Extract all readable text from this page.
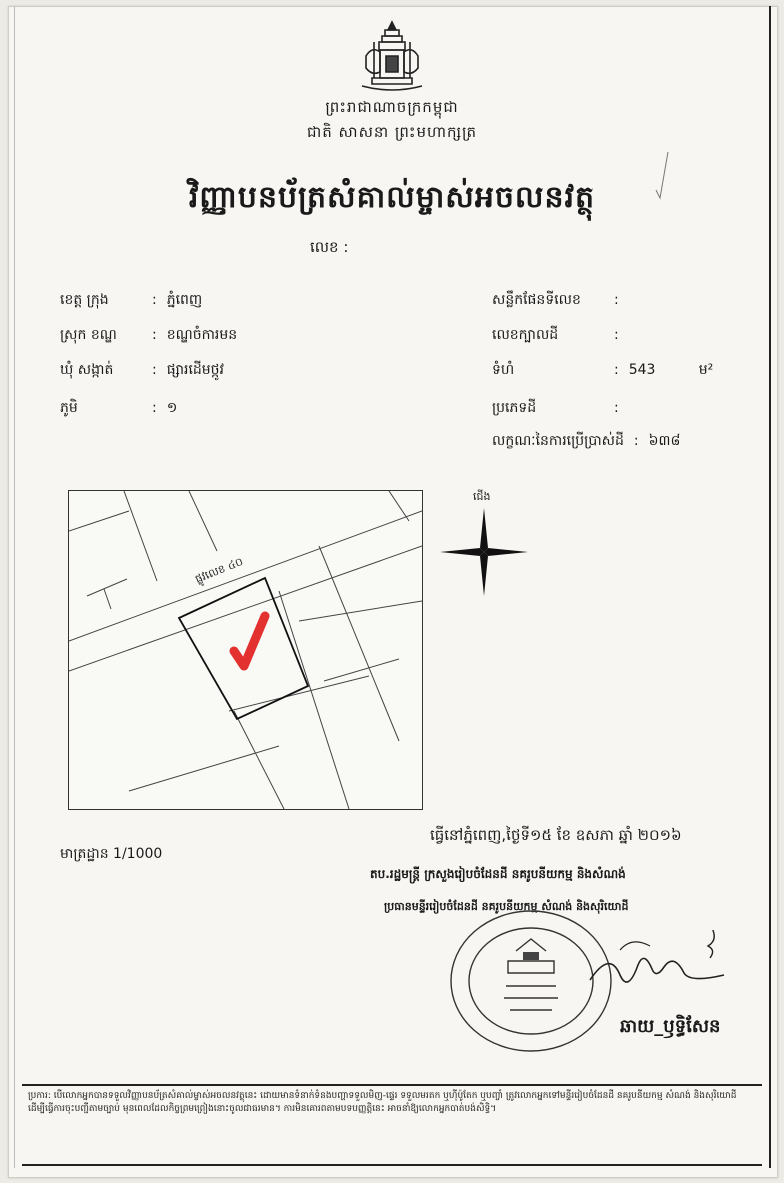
ព្រះរាជាណាចក្រកម្ពុជា
ជាតិ សាសនា ព្រះមហាក្សត្រ
វិញ្ញាបនប័ត្រសំគាល់ម្ចាស់អចលនវត្ថុ
លេខ :
ខេត្ត ក្រុង	: ភ្នំពេញ
ស្រុក ខណ្ឌ	: ខណ្ឌចំការមន
ឃុំ សង្កាត់	: ផ្សារដើមថ្កូវ
ភូមិ	: ១
សន្លឹកផែនទីលេខ :
លេខក្បាលដី	:
ទំហំ	: 543	ម²
ប្រភេទដី	:
លក្ខណៈនៃការប្រើប្រាស់ដី : ៦៣៨
ផ្លូវលេខ ៤០
ជើង
មាត្រដ្ឋាន 1/1000
ធ្វើនៅភ្នំពេញ,ថ្ងៃទី១៥ ខែ ឧសភា ឆ្នាំ ២០១៦
តប.រដ្ឋមន្ត្រី ក្រសួងរៀបចំដែនដី នគរូបនីយកម្ម និងសំណង់
ប្រធានមន្ទីររៀបចំដែនដី នគរូបនីយកម្ម សំណង់ និងសុរិយោដី
ឆាយ_ឫទ្ធិសែន
ប្រការ: បើលោកអ្នកបានទទួលវិញ្ញាបនប័ត្រសំគាល់ម្ចាស់អចលនវត្ថុនេះ ដោយមានទំនាក់ទំនងបញ្ហាទទួលមិញ-ផ្ទេរ ទទួលមរតក ឬហ៊ីប៉ូតែក ឬបញ្ចាំ ត្រូវលោកអ្នកទៅមន្ទីររៀបចំដែនដី នគរូបនីយកម្ម សំណង់ និងសុរិយោដី ដើម្បីធ្វើការចុះបញ្ជីតាមច្បាប់ មុនពេលដែលកិច្ចព្រមព្រៀងនោះចូលជាធរមាន។ ការមិនគោរពតាមបទបញ្ញត្តិនេះ អាចនាំឱ្យលោកអ្នកបាត់បង់សិទ្ធិ។
